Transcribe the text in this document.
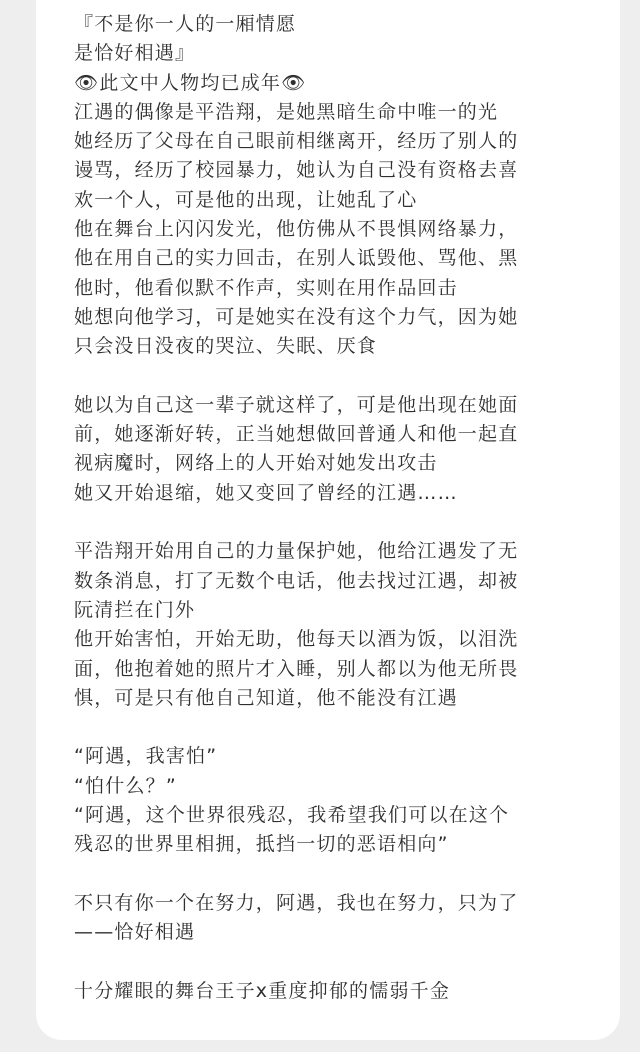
『不是你一人的一厢情愿
是恰好相遇』
👁此文中人物均已成年👁
江遇的偶像是平浩翔，是她黑暗生命中唯一的光
她经历了父母在自己眼前相继离开，经历了别人的
谩骂，经历了校园暴力，她认为自己没有资格去喜
欢一个人，可是他的出现，让她乱了心
他在舞台上闪闪发光，他仿佛从不畏惧网络暴力，
他在用自己的实力回击，在别人诋毁他、骂他、黑
他时，他看似默不作声，实则在用作品回击
她想向他学习，可是她实在没有这个力气，因为她
只会没日没夜的哭泣、失眠、厌食
她以为自己这一辈子就这样了，可是他出现在她面
前，她逐渐好转，正当她想做回普通人和他一起直
视病魔时，网络上的人开始对她发出攻击
她又开始退缩，她又变回了曾经的江遇……
平浩翔开始用自己的力量保护她，他给江遇发了无
数条消息，打了无数个电话，他去找过江遇，却被
阮清拦在门外
他开始害怕，开始无助，他每天以酒为饭，以泪洗
面，他抱着她的照片才入睡，别人都以为他无所畏
惧，可是只有他自己知道，他不能没有江遇
“阿遇，我害怕”
“怕什么？”
“阿遇，这个世界很残忍，我希望我们可以在这个
残忍的世界里相拥，抵挡一切的恶语相向”
不只有你一个在努力，阿遇，我也在努力，只为了
——恰好相遇
十分耀眼的舞台王子x重度抑郁的懦弱千金
